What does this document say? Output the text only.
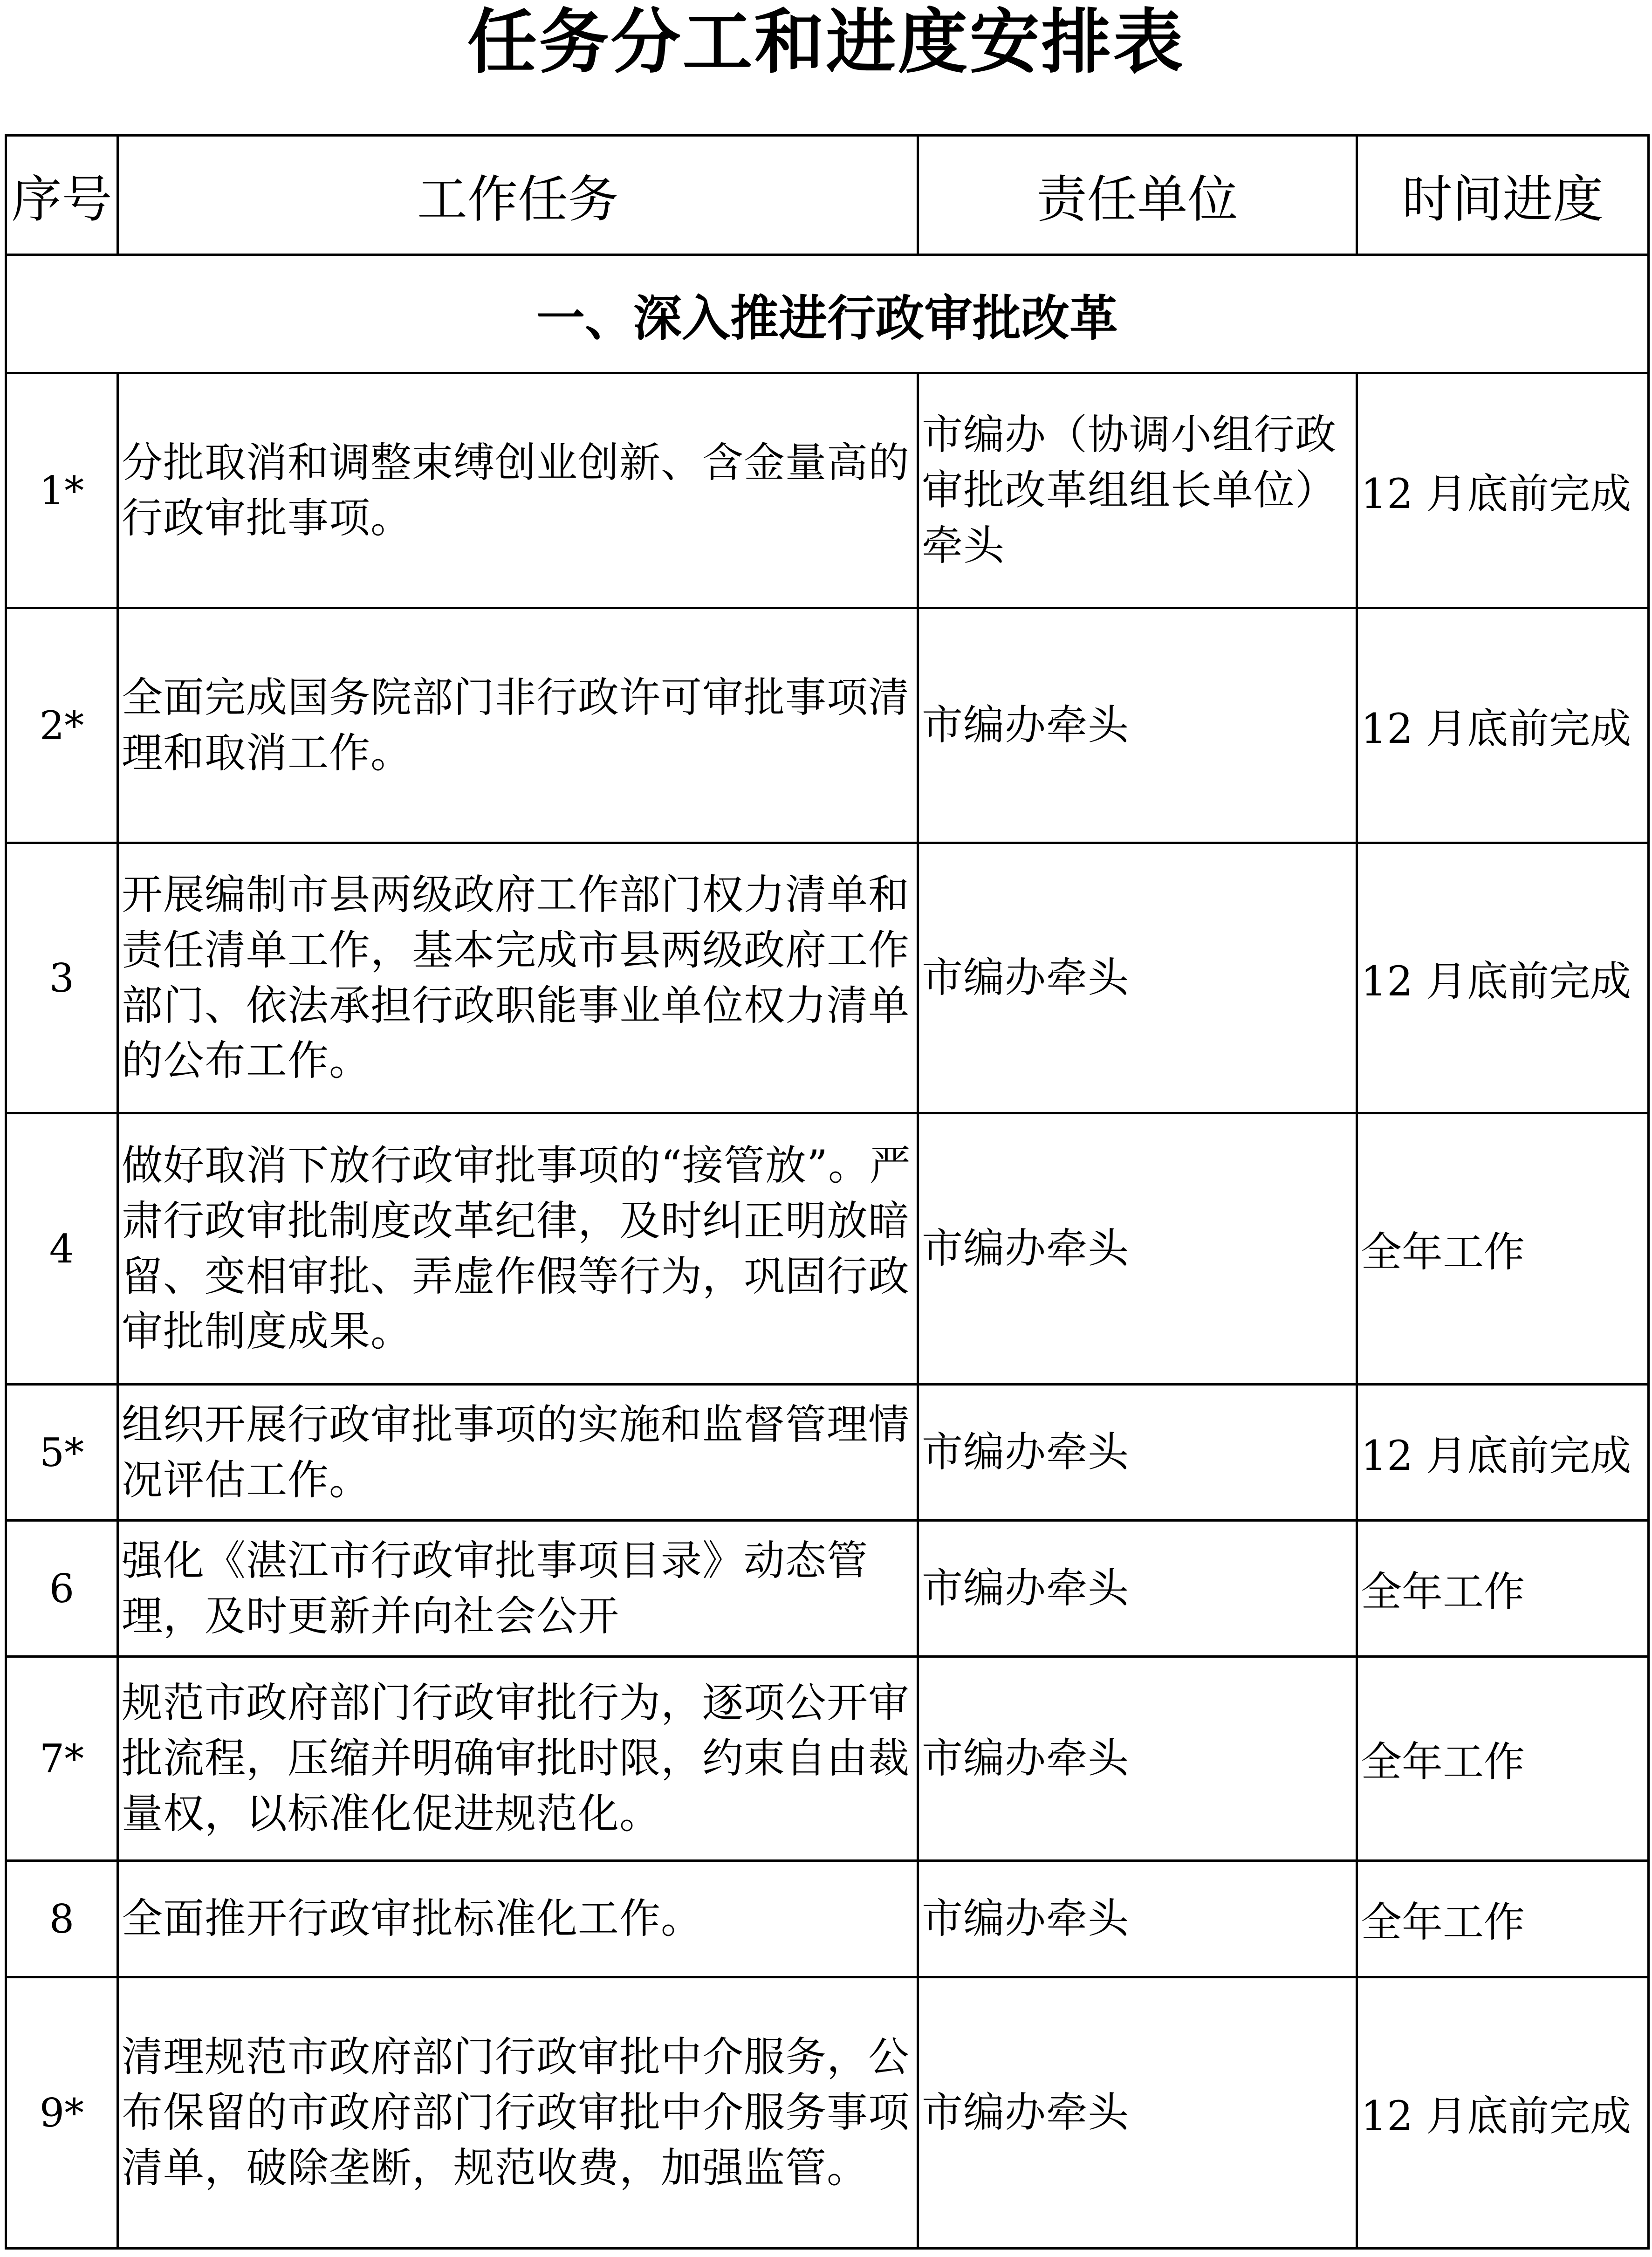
任务分工和进度安排表
序号	工作任务	责任单位	时间进度
一、深入推进行政审批改革			
1*	分批取消和调整束缚创业创新、含金量高的行政审批事项。	市编办（协调小组行政审批改革组组长单位）牵头	12 月底前完成
2*	全面完成国务院部门非行政许可审批事项清理和取消工作。	市编办牵头	12 月底前完成
3	开展编制市县两级政府工作部门权力清单和责任清单工作，基本完成市县两级政府工作部门、依法承担行政职能事业单位权力清单的公布工作。	市编办牵头	12 月底前完成
4	做好取消下放行政审批事项的“接管放”。严肃行政审批制度改革纪律，及时纠正明放暗留、变相审批、弄虚作假等行为，巩固行政审批制度成果。	市编办牵头	全年工作
5*	组织开展行政审批事项的实施和监督管理情况评估工作。	市编办牵头	12 月底前完成
6	强化《湛江市行政审批事项目录》动态管理，及时更新并向社会公开	市编办牵头	全年工作
7*	规范市政府部门行政审批行为，逐项公开审批流程，压缩并明确审批时限，约束自由裁量权，以标准化促进规范化。	市编办牵头	全年工作
8	全面推开行政审批标准化工作。	市编办牵头	全年工作
9*	清理规范市政府部门行政审批中介服务，公布保留的市政府部门行政审批中介服务事项清单，破除垄断，规范收费，加强监管。	市编办牵头	12 月底前完成
